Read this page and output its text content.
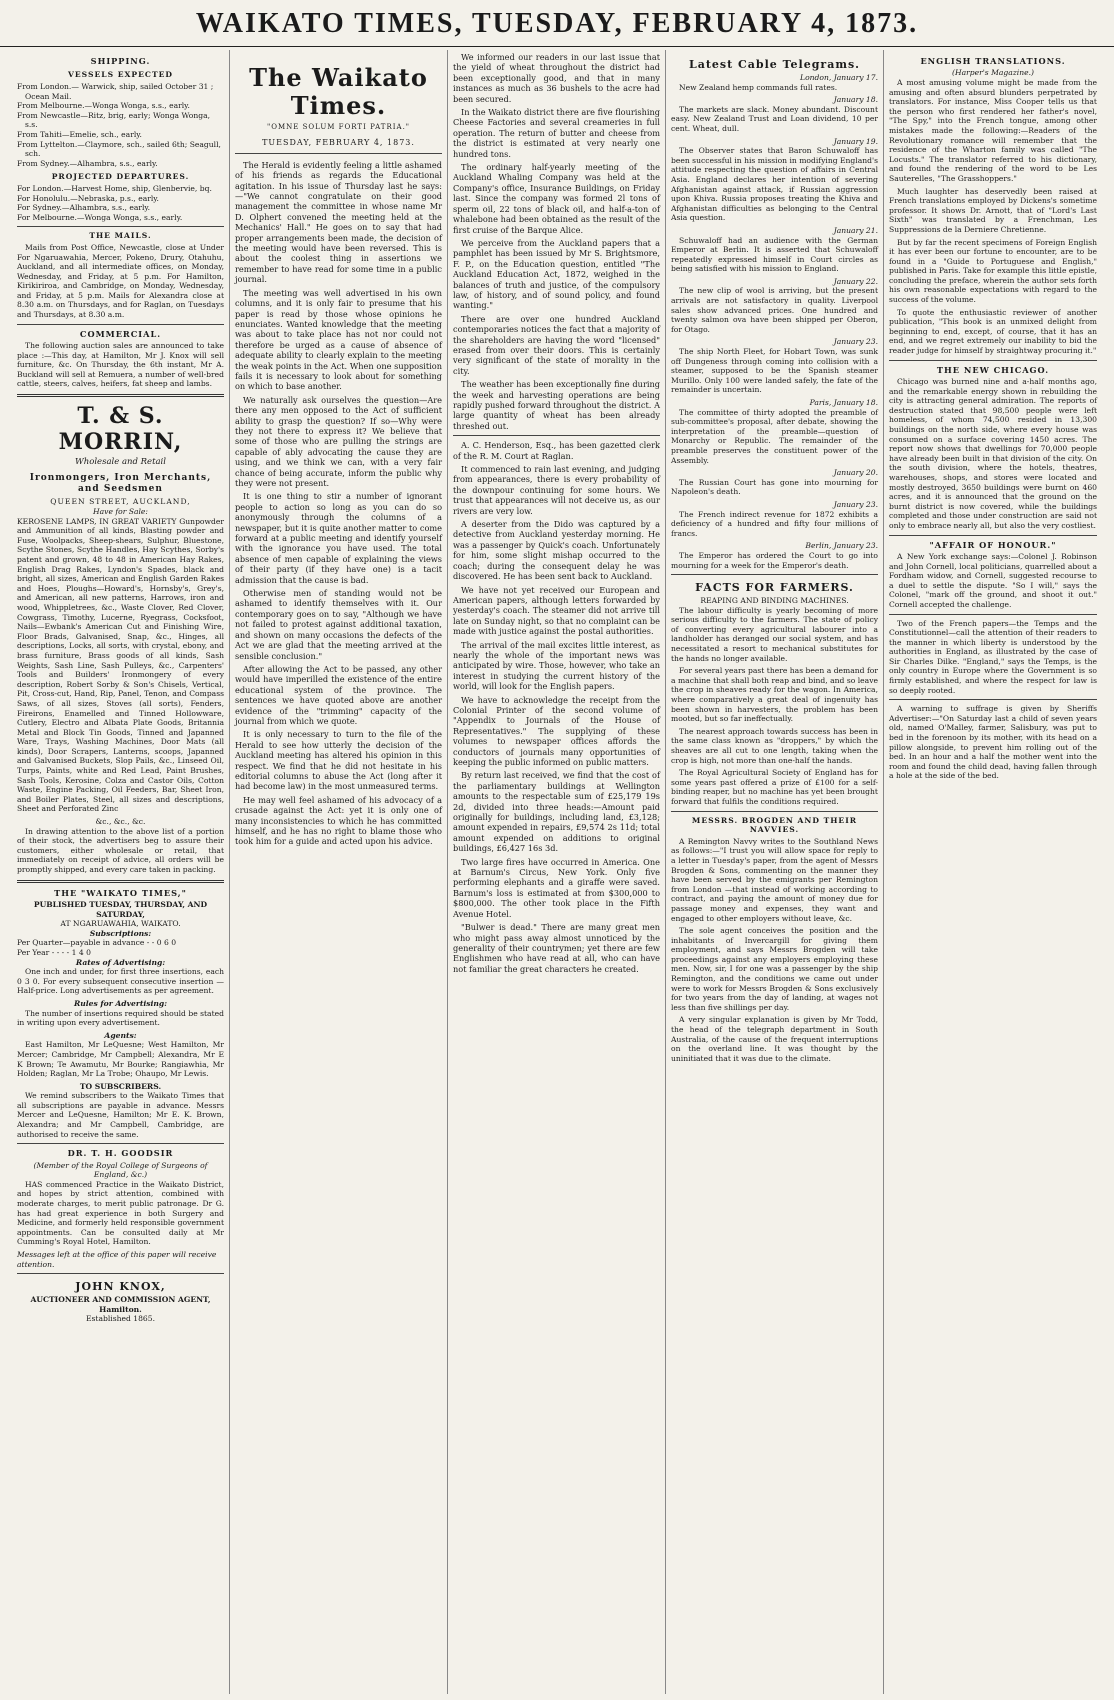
WAIKATO TIMES, TUESDAY, FEBRUARY 4, 1873.
SHIPPING.
VESSELS EXPECTED
From London.— Warwick, ship, sailed October 31 ; Ocean Mail.
From Melbourne.—Wonga Wonga, s.s., early.
From Newcastle—Ritz, brig, early; Wonga Wonga, s.s.
From Tahiti—Emelie, sch., early.
From Lyttelton.—Claymore, sch., sailed 6th; Seagull, sch.
From Sydney.—Alhambra, s.s., early.
PROJECTED DEPARTURES.
For London.—Harvest Home, ship, Glenbervie, bq.
For Honolulu.—Nebraska, p.s., early.
For Sydney.—Alhambra, s.s., early.
For Melbourne.—Wonga Wonga, s.s., early.
THE MAILS.

Mails from Post Office, Newcastle, close at Under For Ngaruawahia, Mercer, Pokeno, Drury, Otahuhu, Auckland, and all intermediate offices, on Monday, Wednesday, and Friday, at 5 p.m. For Hamilton, Kirikiriroa, and Cambridge, on Monday, Wednesday, and Friday, at 5 p.m. Mails for Alexandra close at 8.30 a.m. on Thursdays, and for Raglan, on Tuesdays and Thursdays, at 8.30 a.m.

COMMERCIAL.

The following auction sales are announced to take place :—This day, at Hamilton, Mr J. Knox will sell furniture, &c. On Thursday, the 6th instant, Mr A. Buckland will sell at Remuera, a number of well-bred cattle, steers, calves, heifers, fat sheep and lambs.

T. & S. MORRIN,
Wholesale and Retail
Ironmongers, Iron Merchants, and Seedsmen
QUEEN STREET, AUCKLAND,
Have for Sale:

KEROSENE LAMPS, IN GREAT VARIETY Gunpowder and Ammunition of all kinds, Blasting powder and Fuse, Woolpacks, Sheep-shears, Sulphur, Bluestone, Scythe Stones, Scythe Handles, Hay Scythes, Sorby's patent and grown, 48 to 48 in American Hay Rakes, English Drag Rakes, Lyndon's Spades, black and bright, all sizes, American and English Garden Rakes and Hoes, Ploughs—Howard's, Hornsby's, Grey's, and American, all new patterns, Harrows, iron and wood, Whippletrees, &c., Waste Clover, Red Clover, Cowgrass, Timothy, Lucerne, Ryegrass, Cocksfoot, Nails—Ewbank's American Cut and Finishing Wire, Floor Brads, Galvanised, Snap, &c., Hinges, all descriptions, Locks, all sorts, with crystal, ebony, and brass furniture, Brass goods of all kinds, Sash Weights, Sash Line, Sash Pulleys, &c., Carpenters' Tools and Builders' Ironmongery of every description, Robert Sorby & Son's Chisels, Vertical, Pit, Cross-cut, Hand, Rip, Panel, Tenon, and Compass Saws, of all sizes, Stoves (all sorts), Fenders, Fireirons, Enamelled and Tinned Hollowware, Cutlery, Electro and Albata Plate Goods, Britannia Metal and Block Tin Goods, Tinned and Japanned Ware, Trays, Washing Machines, Door Mats (all kinds), Door Scrapers, Lanterns, scoops, Japanned and Galvanised Buckets, Slop Pails, &c., Linseed Oil, Turps, Paints, white and Red Lead, Paint Brushes, Sash Tools, Kerosine, Colza and Castor Oils, Cotton Waste, Engine Packing, Oil Feeders, Bar, Sheet Iron, and Boiler Plates, Steel, all sizes and descriptions, Sheet and Perforated Zinc

&c., &c., &c.

In drawing attention to the above list of a portion of their stock, the advertisers beg to assure their customers, either wholesale or retail, that immediately on receipt of advice, all orders will be promptly shipped, and every care taken in packing.

THE "WAIKATO TIMES,"
PUBLISHED TUESDAY, THURSDAY, AND SATURDAY,
AT NGARUAWAHIA, WAIKATO.
Subscriptions:
Per Quarter—payable in advance - - 0 6 0
Per Year - - - - 1 4 0
Rates of Advertising:

One inch and under, for first three insertions, each 0 3 0. For every subsequent consecutive insertion — Half-price. Long advertisements as per agreement.

Rules for Advertising:

The number of insertions required should be stated in writing upon every advertisement.

Agents:

East Hamilton, Mr LeQuesne; West Hamilton, Mr Mercer; Cambridge, Mr Campbell; Alexandra, Mr E K Brown; Te Awamutu, Mr Bourke; Rangiawhia, Mr Holden; Raglan, Mr La Trobe; Ohaupo, Mr Lewis.

TO SUBSCRIBERS.

We remind subscribers to the Waikato Times that all subscriptions are payable in advance. Messrs Mercer and LeQuesne, Hamilton; Mr E. K. Brown, Alexandra; and Mr Campbell, Cambridge, are authorised to receive the same.

DR. T. H. GOODSIR
(Member of the Royal College of Surgeons of England, &c.)

HAS commenced Practice in the Waikato District, and hopes by strict attention, combined with moderate charges, to merit public patronage. Dr G. has had great experience in both Surgery and Medicine, and formerly held responsible government appointments. Can be consulted daily at Mr Cumming's Royal Hotel, Hamilton.

Messages left at the office of this paper will receive attention.
JOHN KNOX,
AUCTIONEER AND COMMISSION AGENT, Hamilton.
Established 1865.
The Waikato Times.
"OMNE SOLUM FORTI PATRIA."
TUESDAY, FEBRUARY 4, 1873.

The Herald is evidently feeling a little ashamed of his friends as regards the Educational agitation. In his issue of Thursday last he says:—"We cannot congratulate on their good management the committee in whose name Mr D. Olphert convened the meeting held at the Mechanics' Hall." He goes on to say that had proper arrangements been made, the decision of the meeting would have been reversed. This is about the coolest thing in assertions we remember to have read for some time in a public journal.

The meeting was well advertised in his own columns, and it is only fair to presume that his paper is read by those whose opinions he enunciates. Wanted knowledge that the meeting was about to take place has not nor could not therefore be urged as a cause of absence of adequate ability to clearly explain to the meeting the weak points in the Act. When one supposition fails it is necessary to look about for something on which to base another.

We naturally ask ourselves the question—Are there any men opposed to the Act of sufficient ability to grasp the question? If so—Why were they not there to express it? We believe that some of those who are pulling the strings are capable of ably advocating the cause they are using, and we think we can, with a very fair chance of being accurate, inform the public why they were not present.

It is one thing to stir a number of ignorant people to action so long as you can do so anonymously through the columns of a newspaper, but it is quite another matter to come forward at a public meeting and identify yourself with the ignorance you have used. The total absence of men capable of explaining the views of their party (if they have one) is a tacit admission that the cause is bad.

Otherwise men of standing would not be ashamed to identify themselves with it. Our contemporary goes on to say, "Although we have not failed to protest against additional taxation, and shown on many occasions the defects of the Act we are glad that the meeting arrived at the sensible conclusion."

After allowing the Act to be passed, any other would have imperilled the existence of the entire educational system of the province. The sentences we have quoted above are another evidence of the "trimming" capacity of the journal from which we quote.

It is only necessary to turn to the file of the Herald to see how utterly the decision of the Auckland meeting has altered his opinion in this respect. We find that he did not hesitate in his editorial columns to abuse the Act (long after it had become law) in the most unmeasured terms.

He may well feel ashamed of his advocacy of a crusade against the Act: yet it is only one of many inconsistencies to which he has committed himself, and he has no right to blame those who took him for a guide and acted upon his advice.

We informed our readers in our last issue that the yield of wheat throughout the district had been exceptionally good, and that in many instances as much as 36 bushels to the acre had been secured.

In the Waikato district there are five flourishing Cheese Factories and several creameries in full operation. The return of butter and cheese from the district is estimated at very nearly one hundred tons.

The ordinary half-yearly meeting of the Auckland Whaling Company was held at the Company's office, Insurance Buildings, on Friday last. Since the company was formed 2l tons of sperm oil, 22 tons of black oil, and half-a-ton of whalebone had been obtained as the result of the first cruise of the Barque Alice.

We perceive from the Auckland papers that a pamphlet has been issued by Mr S. Brightsmore, F. P., on the Education question, entitled "The Auckland Education Act, 1872, weighed in the balances of truth and justice, of the compulsory law, of history, and of sound policy, and found wanting."

There are over one hundred Auckland contemporaries notices the fact that a majority of the shareholders are having the word "licensed" erased from over their doors. This is certainly very significant of the state of morality in the city.

The weather has been exceptionally fine during the week and harvesting operations are being rapidly pushed forward throughout the district. A large quantity of wheat has been already threshed out.

A. C. Henderson, Esq., has been gazetted clerk of the R. M. Court at Raglan.

It commenced to rain last evening, and judging from appearances, there is every probability of the downpour continuing for some hours. We trust that appearances will not deceive us, as our rivers are very low.

A deserter from the Dido was captured by a detective from Auckland yesterday morning. He was a passenger by Quick's coach. Unfortunately for him, some slight mishap occurred to the coach; during the consequent delay he was discovered. He has been sent back to Auckland.

We have not yet received our European and American papers, although letters forwarded by yesterday's coach. The steamer did not arrive till late on Sunday night, so that no complaint can be made with justice against the postal authorities.

The arrival of the mail excites little interest, as nearly the whole of the important news was anticipated by wire. Those, however, who take an interest in studying the current history of the world, will look for the English papers.

We have to acknowledge the receipt from the Colonial Printer of the second volume of "Appendix to Journals of the House of Representatives." The supplying of these volumes to newspaper offices affords the conductors of journals many opportunities of keeping the public informed on public matters.

By return last received, we find that the cost of the parliamentary buildings at Wellington amounts to the respectable sum of £25,179 19s 2d, divided into three heads:—Amount paid originally for buildings, including land, £3,128; amount expended in repairs, £9,574 2s 11d; total amount expended on additions to original buildings, £6,427 16s 3d.

Two large fires have occurred in America. One at Barnum's Circus, New York. Only five performing elephants and a giraffe were saved. Barnum's loss is estimated at from $300,000 to $800,000. The other took place in the Fifth Avenue Hotel.

"Bulwer is dead." There are many great men who might pass away almost unnoticed by the generality of their countrymen; yet there are few Englishmen who have read at all, who can have not familiar the great characters he created.

Latest Cable Telegrams.
London, January 17.

New Zealand hemp commands full rates.

January 18.

The markets are slack. Money abundant. Discount easy. New Zealand Trust and Loan dividend, 10 per cent. Wheat, dull.

January 19.

The Observer states that Baron Schuwaloff has been successful in his mission in modifying England's attitude respecting the question of affairs in Central Asia. England declares her intention of severing Afghanistan against attack, if Russian aggression upon Khiva. Russia proposes treating the Khiva and Afghanistan difficulties as belonging to the Central Asia question.

January 21.

Schuwaloff had an audience with the German Emperor at Berlin. It is asserted that Schuwaloff repeatedly expressed himself in Court circles as being satisfied with his mission to England.

January 22.

The new clip of wool is arriving, but the present arrivals are not satisfactory in quality. Liverpool sales show advanced prices. One hundred and twenty salmon ova have been shipped per Oberon, for Otago.

January 23.

The ship North Fleet, for Hobart Town, was sunk off Dungeness through coming into collision with a steamer, supposed to be the Spanish steamer Murillo. Only 100 were landed safely, the fate of the remainder is uncertain.

Paris, January 18.

The committee of thirty adopted the preamble of sub-committee's proposal, after debate, showing the interpretation of the preamble—question of Monarchy or Republic. The remainder of the preamble preserves the constituent power of the Assembly.

January 20.

The Russian Court has gone into mourning for Napoleon's death.

January 23.

The French indirect revenue for 1872 exhibits a deficiency of a hundred and fifty four millions of francs.

Berlin, January 23.

The Emperor has ordered the Court to go into mourning for a week for the Emperor's death.

FACTS FOR FARMERS.
REAPING AND BINDING MACHINES.

The labour difficulty is yearly becoming of more serious difficulty to the farmers. The state of policy of converting every agricultural labourer into a landholder has deranged our social system, and has necessitated a resort to mechanical substitutes for the hands no longer available.

For several years past there has been a demand for a machine that shall both reap and bind, and so leave the crop in sheaves ready for the wagon. In America, where comparatively a great deal of ingenuity has been shown in harvesters, the problem has been mooted, but so far ineffectually.

The nearest approach towards success has been in the same class known as "droppers," by which the sheaves are all cut to one length, taking when the crop is high, not more than one-half the hands.

The Royal Agricultural Society of England has for some years past offered a prize of £100 for a self-binding reaper, but no machine has yet been brought forward that fulfils the conditions required.

MESSRS. BROGDEN AND THEIR NAVVIES.

A Remington Navvy writes to the Southland News as follows:—"I trust you will allow space for reply to a letter in Tuesday's paper, from the agent of Messrs Brogden & Sons, commenting on the manner they have been served by the emigrants per Remington from London —that instead of working according to contract, and paying the amount of money due for passage money and expenses, they want and engaged to other employers without leave, &c.

The sole agent conceives the position and the inhabitants of Invercargill for giving them employment, and says Messrs Brogden will take proceedings against any employers employing these men. Now, sir, I for one was a passenger by the ship Remington, and the conditions we came out under were to work for Messrs Brogden & Sons exclusively for two years from the day of landing, at wages not less than five shillings per day.

A very singular explanation is given by Mr Todd, the head of the telegraph department in South Australia, of the cause of the frequent interruptions on the overland line. It was thought by the uninitiated that it was due to the climate.

ENGLISH TRANSLATIONS.
(Harper's Magazine.)

A most amusing volume might be made from the amusing and often absurd blunders perpetrated by translators. For instance, Miss Cooper tells us that the person who first rendered her father's novel, "The Spy," into the French tongue, among other mistakes made the following:—Readers of the Revolutionary romance will remember that the residence of the Wharton family was called "The Locusts." The translator referred to his dictionary, and found the rendering of the word to be Les Sauterelles, "The Grasshoppers."

Much laughter has deservedly been raised at French translations employed by Dickens's sometime professor. It shows Dr. Arnott, that of "Lord's Last Sixth" was translated by a Frenchman, Les Suppressions de la Derniere Chretienne.

But by far the recent specimens of Foreign English it has ever been our fortune to encounter, are to be found in a "Guide to Portuguese and English," published in Paris. Take for example this little epistle, concluding the preface, wherein the author sets forth his own reasonable expectations with regard to the success of the volume.

To quote the enthusiastic reviewer of another publication, "This book is an unmixed delight from beginning to end, except, of course, that it has an end, and we regret extremely our inability to bid the reader judge for himself by straightway procuring it."

THE NEW CHICAGO.

Chicago was burned nine and a-half months ago, and the remarkable energy shown in rebuilding the city is attracting general admiration. The reports of destruction stated that 98,500 people were left homeless, of whom 74,500 resided in 13,300 buildings on the north side, where every house was consumed on a surface covering 1450 acres. The report now shows that dwellings for 70,000 people have already been built in that division of the city. On the south division, where the hotels, theatres, warehouses, shops, and stores were located and mostly destroyed, 3650 buildings were burnt on 460 acres, and it is announced that the ground on the burnt district is now covered, while the buildings completed and those under construction are said not only to embrace nearly all, but also the very costliest.

"AFFAIR OF HONOUR."

A New York exchange says:—Colonel J. Robinson and John Cornell, local politicians, quarrelled about a Fordham widow, and Cornell, suggested recourse to a duel to settle the dispute. "So I will," says the Colonel, "mark off the ground, and shoot it out." Cornell accepted the challenge.

Two of the French papers—the Temps and the Constitutionnel—call the attention of their readers to the manner in which liberty is understood by the authorities in England, as illustrated by the case of Sir Charles Dilke. "England," says the Temps, is the only country in Europe where the Government is so firmly established, and where the respect for law is so deeply rooted.

A warning to suffrage is given by Sheriffs Advertiser:—"On Saturday last a child of seven years old, named O'Malley, farmer, Salisbury, was put to bed in the forenoon by its mother, with its head on a pillow alongside, to prevent him rolling out of the bed. In an hour and a half the mother went into the room and found the child dead, having fallen through a hole at the side of the bed.
